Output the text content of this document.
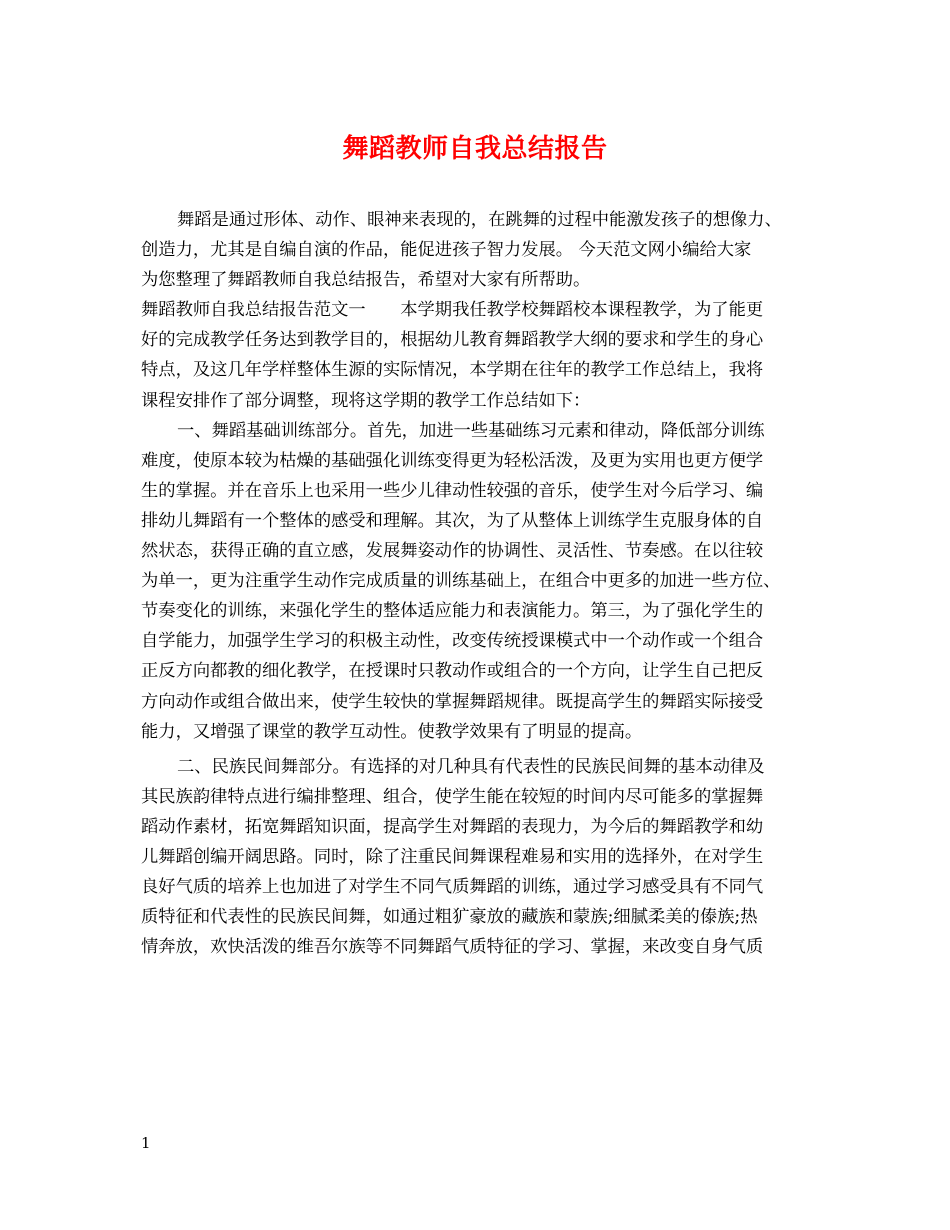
舞蹈教师自我总结报告
舞蹈是通过形体、动作、眼神来表现的，在跳舞的过程中能激发孩子的想像力、
创造力，尤其是自编自演的作品，能促进孩子智力发展。 今天范文网小编给大家
为您整理了舞蹈教师自我总结报告，希望对大家有所帮助。
舞蹈教师自我总结报告范文一　　本学期我任教学校舞蹈校本课程教学，为了能更
好的完成教学任务达到教学目的，根据幼儿教育舞蹈教学大纲的要求和学生的身心
特点，及这几年学样整体生源的实际情况，本学期在往年的教学工作总结上，我将
课程安排作了部分调整，现将这学期的教学工作总结如下：
一、舞蹈基础训练部分。首先，加进一些基础练习元素和律动，降低部分训练
难度，使原本较为枯燥的基础强化训练变得更为轻松活泼，及更为实用也更方便学
生的掌握。并在音乐上也采用一些少儿律动性较强的音乐，使学生对今后学习、编
排幼儿舞蹈有一个整体的感受和理解。其次，为了从整体上训练学生克服身体的自
然状态，获得正确的直立感，发展舞姿动作的协调性、灵活性、节奏感。在以往较
为单一，更为注重学生动作完成质量的训练基础上，在组合中更多的加进一些方位、
节奏变化的训练，来强化学生的整体适应能力和表演能力。第三，为了强化学生的
自学能力，加强学生学习的积极主动性，改变传统授课模式中一个动作或一个组合
正反方向都教的细化教学，在授课时只教动作或组合的一个方向，让学生自己把反
方向动作或组合做出来，使学生较快的掌握舞蹈规律。既提高学生的舞蹈实际接受
能力，又增强了课堂的教学互动性。使教学效果有了明显的提高。
二、民族民间舞部分。有选择的对几种具有代表性的民族民间舞的基本动律及
其民族韵律特点进行编排整理、组合，使学生能在较短的时间内尽可能多的掌握舞
蹈动作素材，拓宽舞蹈知识面，提高学生对舞蹈的表现力，为今后的舞蹈教学和幼
儿舞蹈创编开阔思路。同时，除了注重民间舞课程难易和实用的选择外，在对学生
良好气质的培养上也加进了对学生不同气质舞蹈的训练，通过学习感受具有不同气
质特征和代表性的民族民间舞，如通过粗犷豪放的藏族和蒙族;细腻柔美的傣族;热
情奔放，欢快活泼的维吾尔族等不同舞蹈气质特征的学习、掌握，来改变自身气质
1
